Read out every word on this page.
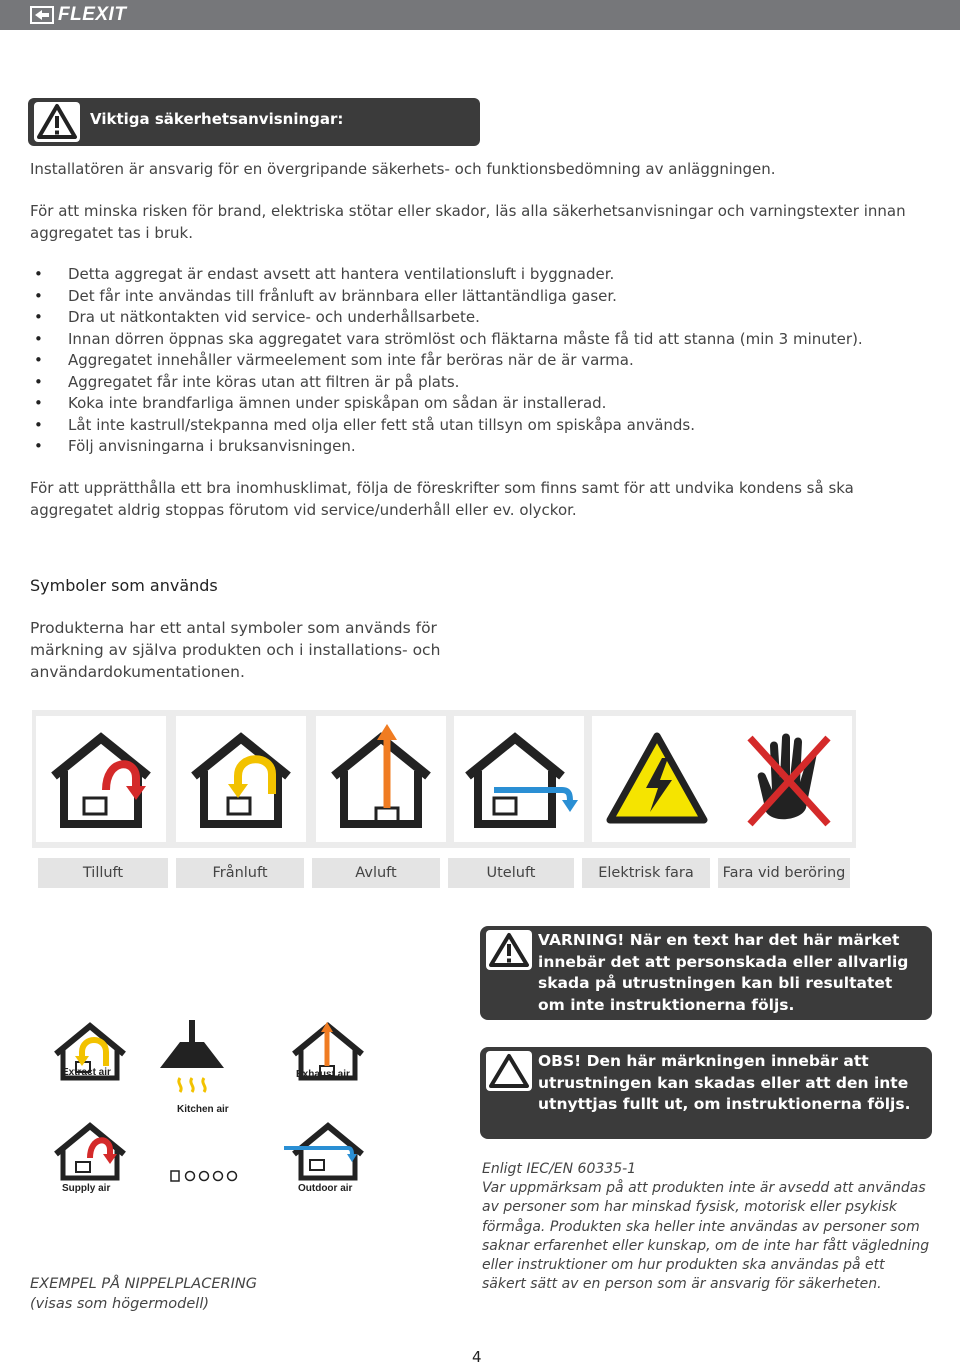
FLEXIT
Viktiga säkerhetsanvisningar:

Installatören är ansvarig för en övergripande säkerhets- och funktionsbedömning av anläggningen.

För att minska risken för brand, elektriska stötar eller skador, läs alla säkerhetsanvisningar och varningstexter innan aggregatet tas i bruk.

• Detta aggregat är endast avsett att hantera ventilationsluft i byggnader.
• Det får inte användas till frånluft av brännbara eller lättantändliga gaser.
• Dra ut nätkontakten vid service- och underhållsarbete.
• Innan dörren öppnas ska aggregatet vara strömlöst och fläktarna måste få tid att stanna (min 3 minuter).
• Aggregatet innehåller värmeelement som inte får beröras när de är varma.
• Aggregatet får inte köras utan att filtren är på plats.
• Koka inte brandfarliga ämnen under spiskåpan om sådan är installerad.
• Låt inte kastrull/stekpanna med olja eller fett stå utan tillsyn om spiskåpa används.
• Följ anvisningarna i bruksanvisningen.

För att upprätthålla ett bra inomhusklimat, följa de föreskrifter som finns samt för att undvika kondens så ska aggregatet aldrig stoppas förutom vid service/underhåll eller ev. olyckor.

Symboler som används

Produkterna har ett antal symboler som används för märkning av själva produkten och i installations- och användardokumentationen.

Tilluft	Frånluft	Avluft	Uteluft	Elektrisk fara	Fara vid beröring
VARNING! När en text har det här märket innebär det att personskada eller allvarlig skada på utrustningen kan bli resultatet om inte instruktionerna följs.
OBS! Den här märkningen innebär att utrustningen kan skadas eller att den inte utnyttjas fullt ut, om instruktionerna följs.
Extract air
Kitchen air
Exhaust air
Supply air	Outdoor air
EXEMPEL PÅ NIPPELPLACERING
(visas som högermodell)
Enligt IEC/EN 60335-1
Var uppmärksam på att produkten inte är avsedd att användas av personer som har minskad fysisk, motorisk eller psykisk förmåga. Produkten ska heller inte användas av personer som saknar erfarenhet eller kunskap, om de inte har fått vägledning eller instruktioner om hur produkten ska användas på ett säkert sätt av en person som är ansvarig för säkerheten.
4
